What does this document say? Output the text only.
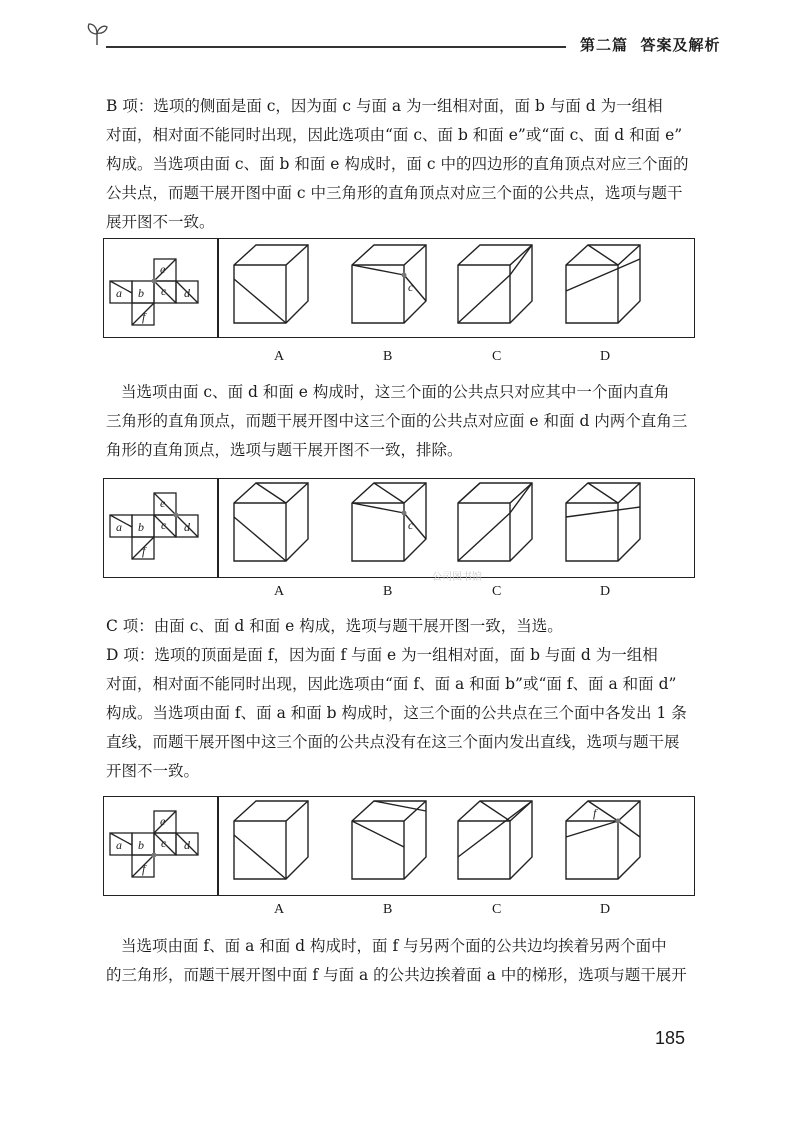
第二篇 答案及解析

B 项：选项的侧面是面 c，因为面 c 与面 a 为一组相对面，面 b 与面 d 为一组相
对面，相对面不能同时出现，因此选项由“面 c、面 b 和面 e”或“面 c、面 d 和面 e”
构成。当选项由面 c、面 b 和面 e 构成时，面 c 中的四边形的直角顶点对应三个面的
公共点，而题干展开图中面 c 中三角形的直角顶点对应三个面的公共点，选项与题干
展开图不一致。

a b c d
e
f
c
A	B	C	D

当选项由面 c、面 d 和面 e 构成时，这三个面的公共点只对应其中一个面内直角
三角形的直角顶点，而题干展开图中这三个面的公共点对应面 e 和面 d 内两个直角三
角形的直角顶点，选项与题干展开图不一致，排除。

a b c d
e
f
c
A	B	C	D
公司图书馆

C 项：由面 c、面 d 和面 e 构成，选项与题干展开图一致，当选。

D 项：选项的顶面是面 f，因为面 f 与面 e 为一组相对面，面 b 与面 d 为一组相
对面，相对面不能同时出现，因此选项由“面 f、面 a 和面 b”或“面 f、面 a 和面 d”
构成。当选项由面 f、面 a 和面 b 构成时，这三个面的公共点在三个面中各发出 1 条
直线，而题干展开图中这三个面的公共点没有在这三个面内发出直线，选项与题干展
开图不一致。

a b c d
e
f
f
A	B	C	D

当选项由面 f、面 a 和面 d 构成时，面 f 与另两个面的公共边均挨着另两个面中
的三角形，而题干展开图中面 f 与面 a 的公共边挨着面 a 中的梯形，选项与题干展开

185
